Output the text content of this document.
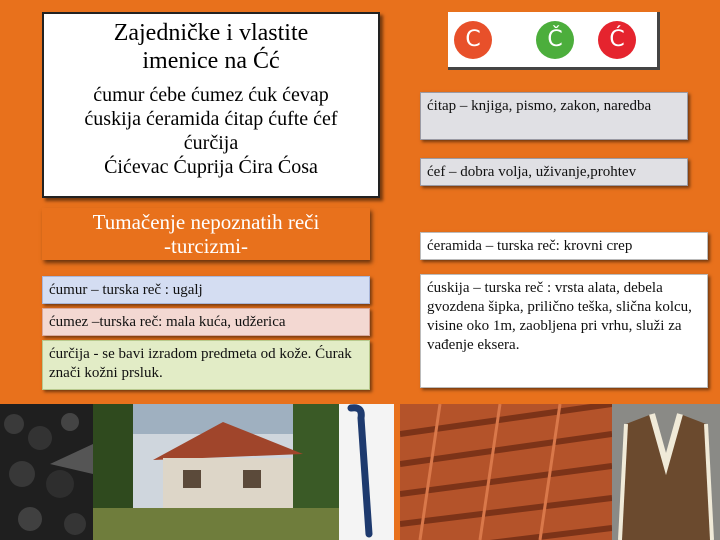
Zajedničke i vlastite
imenice na Ćć
ćumur ćebe ćumez ćuk ćevap
ćuskija ćeramida ćitap ćufte ćef
ćurčija
Ćićevac Ćuprija Ćira Ćosa
C	Č	Ć
Tumačenje nepoznatih reči
-turcizmi-
ćumur – turska reč : ugalj
ćumez –turska reč: mala kuća, udžerica
ćurčija - se bavi izradom predmeta od kože. Ćurak znači kožni prsluk.
ćitap – knjiga, pismo, zakon, naredba
ćef – dobra volja, uživanje,prohtev
ćeramida – turska reč: krovni crep
ćuskija – turska reč : vrsta alata, debela gvozdena šipka, prilično teška, slična kolcu, visine oko 1m, zaobljena pri vrhu, služi za vađenje eksera.
